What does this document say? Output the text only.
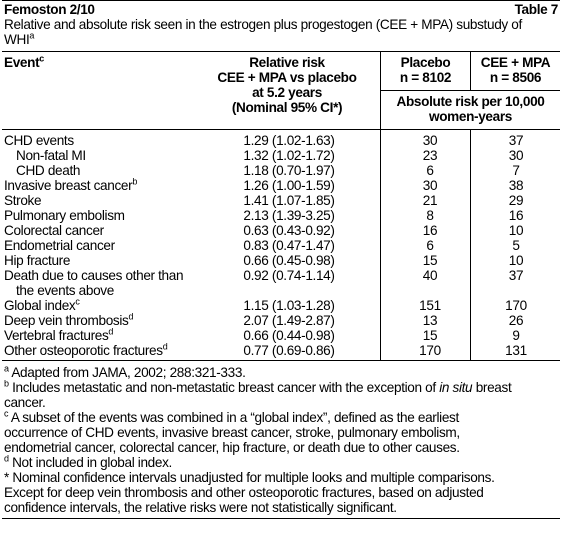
Femoston 2/10	Table 7
Relative and absolute risk seen in the estrogen plus progestogen (CEE + MPA) substudy of WHI$^a$
Event$^c$	Relative risk
CEE + MPA vs placebo
at 5.2 years
(Nominal 95% CI*)
Placebo
n = 8102
CEE + MPA
n = 8506
Absolute risk per 10,000
women-years
CHD events	1.29 (1.02-1.63)	30	37
Non-fatal MI	1.32 (1.02-1.72)	23	30
CHD death	1.18 (0.70-1.97)	6	7
Invasive breast cancer$^b$	1.26 (1.00-1.59)	30	38
Stroke	1.41 (1.07-1.85)	21	29
Pulmonary embolism	2.13 (1.39-3.25)	8	16
Colorectal cancer	0.63 (0.43-0.92)	16	10
Endometrial cancer	0.83 (0.47-1.47)	6	5
Hip fracture	0.66 (0.45-0.98)	15	10
Death due to causes other than	0.92 (0.74-1.14)	40	37
the events above
Global index$^c$	1.15 (1.03-1.28)	151	170
Deep vein thrombosis$^d$	2.07 (1.49-2.87)	13	26
Vertebral fractures$^d$	0.66 (0.44-0.98)	15	9
Other osteoporotic fractures$^d$	0.77 (0.69-0.86)	170	131
$^a$ Adapted from JAMA, 2002; 288:321-333.
$^b$ Includes metastatic and non-metastatic breast cancer with the exception of in situ breast
cancer.
$^c$ A subset of the events was combined in a “global index”, defined as the earliest
occurrence of CHD events, invasive breast cancer, stroke, pulmonary embolism,
endometrial cancer, colorectal cancer, hip fracture, or death due to other causes.
$^d$ Not included in global index.
* Nominal confidence intervals unadjusted for multiple looks and multiple comparisons.
Except for deep vein thrombosis and other osteoporotic fractures, based on adjusted
confidence intervals, the relative risks were not statistically significant.
